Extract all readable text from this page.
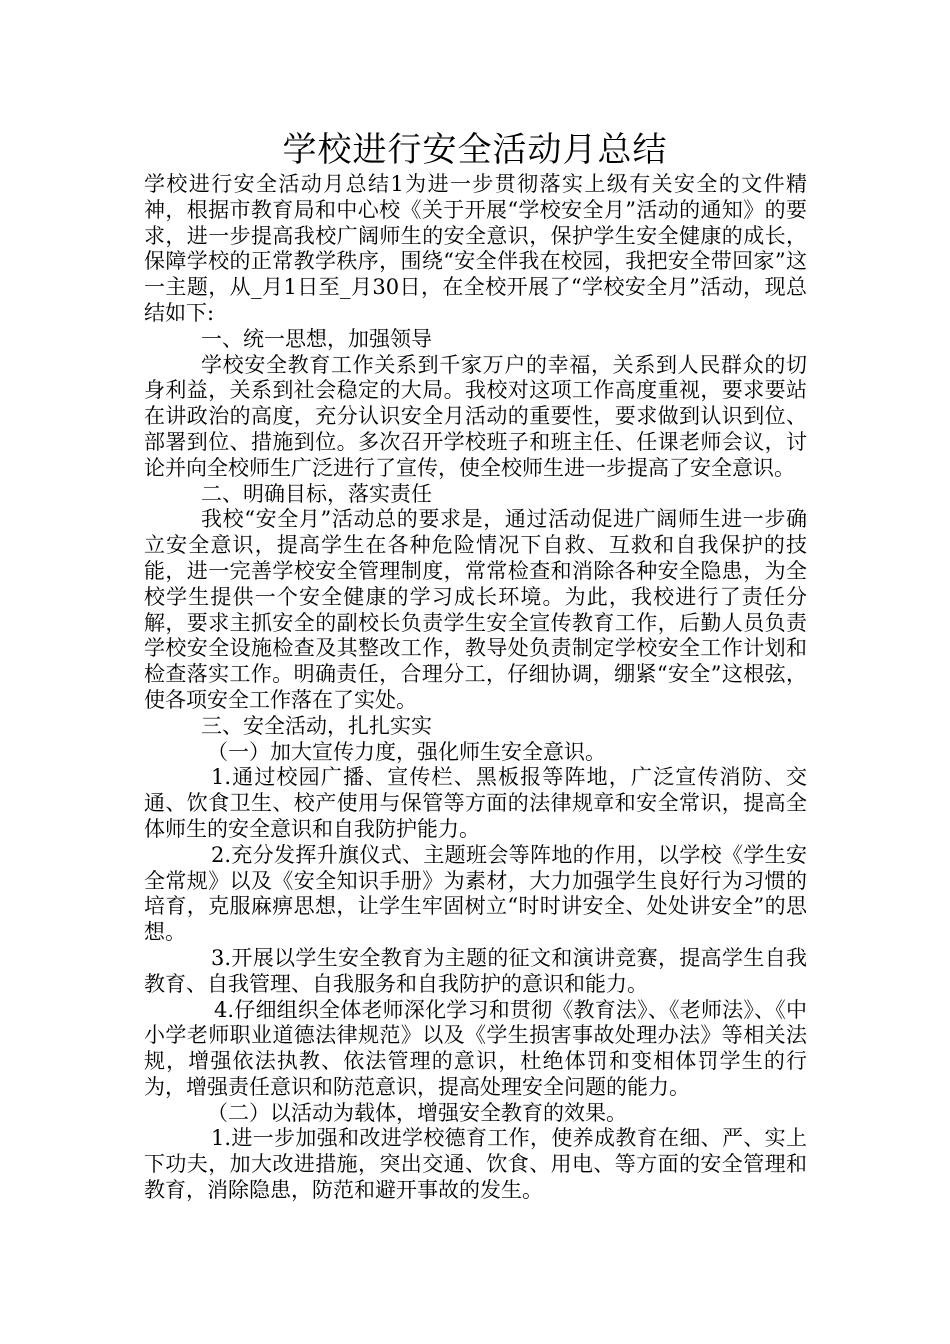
学校进行安全活动月总结

学校进行安全活动月总结1为进一步贯彻落实上级有关安全的文件精神，根据市教育局和中心校《关于开展“学校安全月”活动的通知》的要求，进一步提高我校广阔师生的安全意识，保护学生安全健康的成长，保障学校的正常教学秩序，围绕“安全伴我在校园，我把安全带回家”这一主题，从_月1日至_月30日，在全校开展了“学校安全月”活动，现总结如下:

一、统一思想，加强领导

学校安全教育工作关系到千家万户的幸福，关系到人民群众的切身利益，关系到社会稳定的大局。我校对这项工作高度重视，要求要站在讲政治的高度，充分认识安全月活动的重要性，要求做到认识到位、部署到位、措施到位。多次召开学校班子和班主任、任课老师会议，讨论并向全校师生广泛进行了宣传，使全校师生进一步提高了安全意识。

二、明确目标，落实责任

我校“安全月”活动总的要求是，通过活动促进广阔师生进一步确立安全意识，提高学生在各种危险情况下自救、互救和自我保护的技能，进一完善学校安全管理制度，常常检查和消除各种安全隐患，为全校学生提供一个安全健康的学习成长环境。为此，我校进行了责任分解，要求主抓安全的副校长负责学生安全宣传教育工作，后勤人员负责学校安全设施检查及其整改工作，教导处负责制定学校安全工作计划和检查落实工作。明确责任，合理分工，仔细协调，绷紧“安全”这根弦，使各项安全工作落在了实处。

三、安全活动，扎扎实实

（一）加大宣传力度，强化师生安全意识。

1.通过校园广播、宣传栏、黑板报等阵地，广泛宣传消防、交通、饮食卫生、校产使用与保管等方面的法律规章和安全常识，提高全体师生的安全意识和自我防护能力。

2.充分发挥升旗仪式、主题班会等阵地的作用，以学校《学生安全常规》以及《安全知识手册》为素材，大力加强学生良好行为习惯的培育，克服麻痹思想，让学生牢固树立“时时讲安全、处处讲安全”的思想。

3.开展以学生安全教育为主题的征文和演讲竞赛，提高学生自我教育、自我管理、自我服务和自我防护的意识和能力。

4.仔细组织全体老师深化学习和贯彻《教育法》、《老师法》、《中小学老师职业道德法律规范》以及《学生损害事故处理办法》等相关法规，增强依法执教、依法管理的意识，杜绝体罚和变相体罚学生的行为，增强责任意识和防范意识，提高处理安全问题的能力。

（二）以活动为载体，增强安全教育的效果。

1.进一步加强和改进学校德育工作，使养成教育在细、严、实上下功夫，加大改进措施，突出交通、饮食、用电、等方面的安全管理和教育，消除隐患，防范和避开事故的发生。
